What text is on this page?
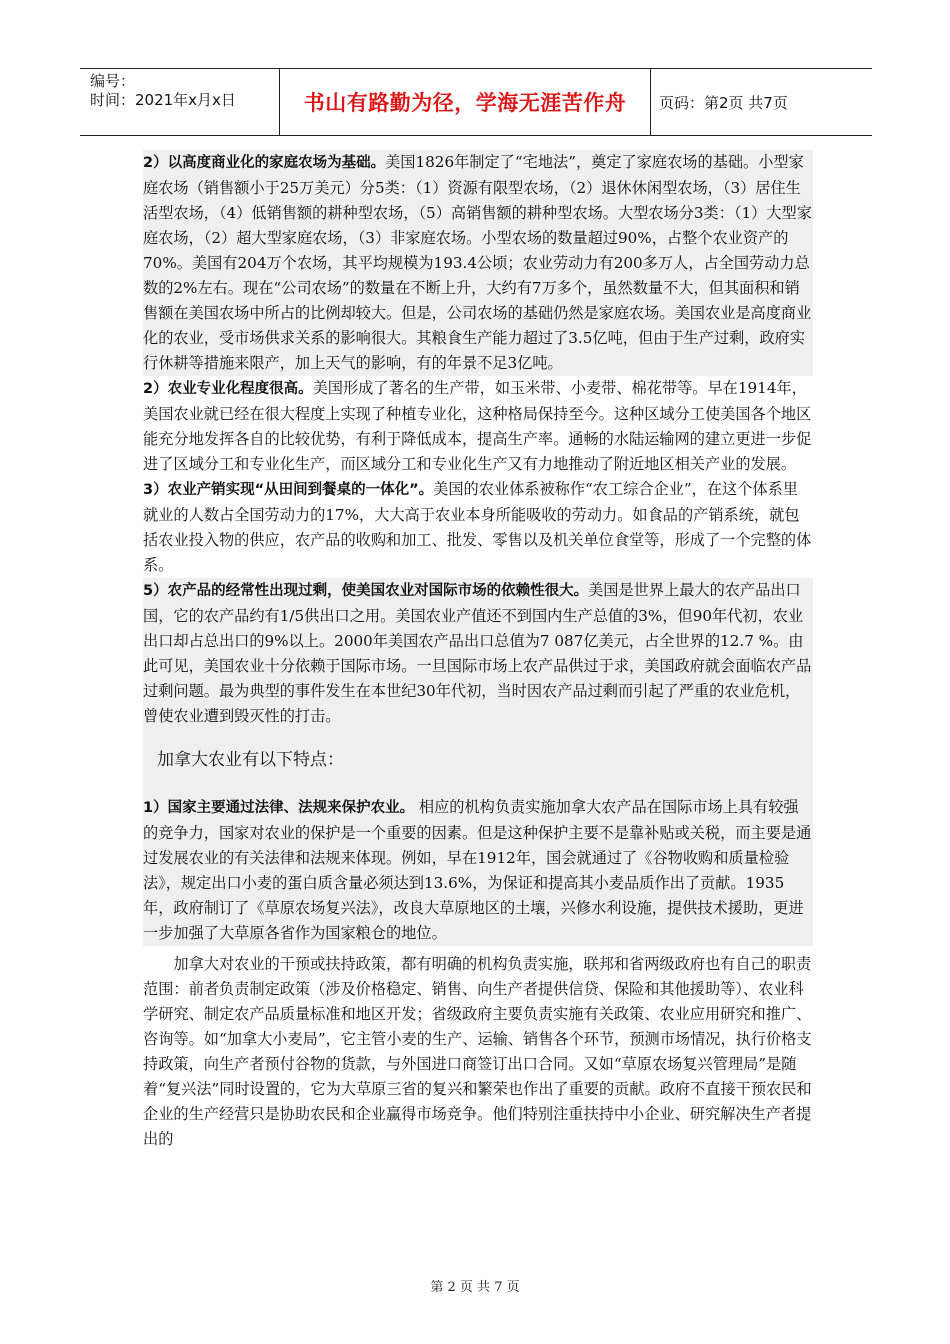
编号：
时间：2021年x月x日	书山有路勤为径，学海无涯苦作舟 页码：第2页 共7页

2）以高度商业化的家庭农场为基础。美国1826年制定了“宅地法”，奠定了家庭农场的基础。小型家庭农场（销售额小于25万美元）分5类：（1）资源有限型农场，（2）退休休闲型农场，（3）居住生活型农场，（4）低销售额的耕种型农场，（5）高销售额的耕种型农场。大型农场分3类：（1）大型家庭农场，（2）超大型家庭农场，（3）非家庭农场。小型农场的数量超过90%，占整个农业资产的70%。美国有204万个农场，其平均规模为193.4公顷；农业劳动力有200多万人，占全国劳动力总数的2%左右。现在“公司农场”的数量在不断上升，大约有7万多个，虽然数量不大，但其面积和销售额在美国农场中所占的比例却较大。但是，公司农场的基础仍然是家庭农场。美国农业是高度商业化的农业，受市场供求关系的影响很大。其粮食生产能力超过了3.5亿吨，但由于生产过剩，政府实行休耕等措施来限产，加上天气的影响，有的年景不足3亿吨。

2）农业专业化程度很高。美国形成了著名的生产带，如玉米带、小麦带、棉花带等。早在1914年，美国农业就已经在很大程度上实现了种植专业化，这种格局保持至今。这种区域分工使美国各个地区能充分地发挥各自的比较优势，有利于降低成本，提高生产率。通畅的水陆运输网的建立更进一步促进了区域分工和专业化生产，而区域分工和专业化生产又有力地推动了附近地区相关产业的发展。

3）农业产销实现“从田间到餐桌的一体化”。美国的农业体系被称作“农工综合企业”，在这个体系里就业的人数占全国劳动力的17%，大大高于农业本身所能吸收的劳动力。如食品的产销系统，就包括农业投入物的供应，农产品的收购和加工、批发、零售以及机关单位食堂等，形成了一个完整的体系。

5）农产品的经常性出现过剩，使美国农业对国际市场的依赖性很大。美国是世界上最大的农产品出口国，它的农产品约有1/5供出口之用。美国农业产值还不到国内生产总值的3%，但90年代初，农业出口却占总出口的9%以上。2000年美国农产品出口总值为7 087亿美元，占全世界的12.7 %。由此可见，美国农业十分依赖于国际市场。一旦国际市场上农产品供过于求，美国政府就会面临农产品过剩问题。最为典型的事件发生在本世纪30年代初，当时因农产品过剩而引起了严重的农业危机，曾使农业遭到毁灭性的打击。

加拿大农业有以下特点：

1）国家主要通过法律、法规来保护农业。 相应的机构负责实施加拿大农产品在国际市场上具有较强的竞争力，国家对农业的保护是一个重要的因素。但是这种保护主要不是靠补贴或关税，而主要是通过发展农业的有关法律和法规来体现。例如，早在1912年，国会就通过了《谷物收购和质量检验法》，规定出口小麦的蛋白质含量必须达到13.6%，为保证和提高其小麦品质作出了贡献。1935年，政府制订了《草原农场复兴法》，改良大草原地区的土壤，兴修水利设施，提供技术援助，更进一步加强了大草原各省作为国家粮仓的地位。

加拿大对农业的干预或扶持政策，都有明确的机构负责实施，联邦和省两级政府也有自己的职责范围：前者负责制定政策（涉及价格稳定、销售、向生产者提供信贷、保险和其他援助等）、农业科学研究、制定农产品质量标准和地区开发；省级政府主要负责实施有关政策、农业应用研究和推广、咨询等。如“加拿大小麦局”，它主管小麦的生产、运输、销售各个环节，预测市场情况，执行价格支持政策，向生产者预付谷物的货款，与外国进口商签订出口合同。又如“草原农场复兴管理局”是随着“复兴法”同时设置的，它为大草原三省的复兴和繁荣也作出了重要的贡献。政府不直接干预农民和企业的生产经营只是协助农民和企业赢得市场竞争。他们特别注重扶持中小企业、研究解决生产者提出的

第 2 页 共 7 页
